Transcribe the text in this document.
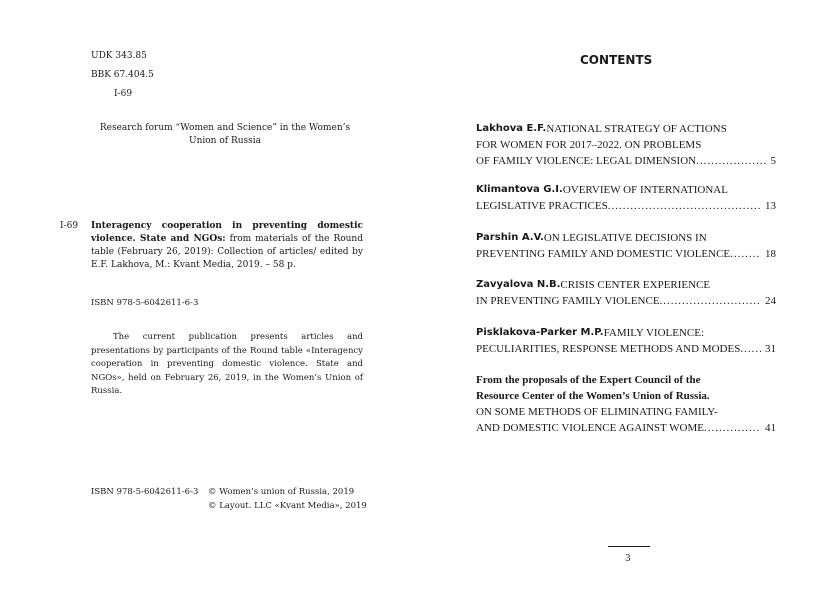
UDK 343.85
BBK 67.404.5
I-69
Research forum “Women and Science” in the Women’s
Union of Russia
I-69 Interagency cooperation in preventing domestic violence. State and NGOs: from materials of the Round table (February 26, 2019): Collection of articles/ edited by E.F. Lakhova, M.: Kvant Media, 2019. – 58 p.
ISBN 978-5-6042611-6-3
The current publication presents articles and presentations by participants of the Round table «Interagency cooperation in preventing domestic violence. State and NGOs», held on February 26, 2019, in the Women’s Union of Russia.
ISBN 978-5-6042611-6-3 © Women’s union of Russia, 2019
© Layout. LLC «Kvant Media», 2019
CONTENTS
Lakhova E.F. NATIONAL STRATEGY OF ACTIONS
FOR WOMEN FOR 2017–2022. ON PROBLEMS
OF FAMILY VIOLENCE: LEGAL DIMENSION .....	5
Klimantova G.I. OVERVIEW OF INTERNATIONAL
LEGISLATIVE PRACTICES .....	13
Parshin A.V. ON LEGISLATIVE DECISIONS IN
PREVENTING FAMILY AND DOMESTIC VIOLENCE .....	18
Zavyalova N.B. CRISIS CENTER EXPERIENCE
IN PREVENTING FAMILY VIOLENCE .....	24
Pisklakova-Parker M.P. FAMILY VIOLENCE:
PECULIARITIES, RESPONSE METHODS AND MODES .....	31
From the proposals of the Expert Council of the
Resource Center of the Women’s Union of Russia.
ON SOME METHODS OF ELIMINATING FAMILY-
AND DOMESTIC VIOLENCE AGAINST WOME .....	41
3
